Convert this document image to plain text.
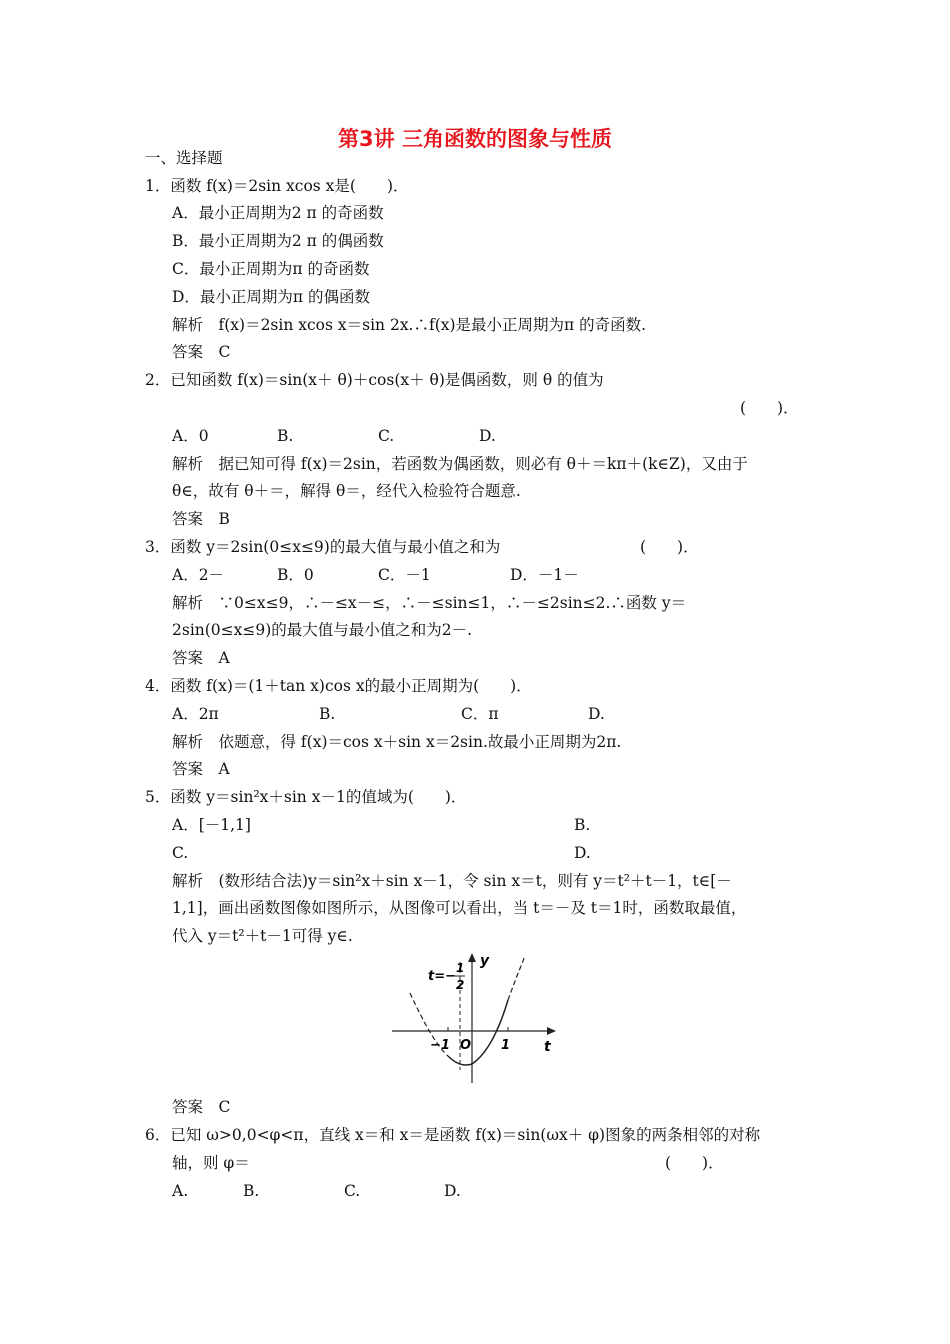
第3讲 三角函数的图象与性质
一、选择题
1．函数 f(x)＝2sin xcos x是(　　)．
A．最小正周期为2 π 的奇函数
B．最小正周期为2 π 的偶函数
C．最小正周期为π 的奇函数
D．最小正周期为π 的偶函数
解析　f(x)＝2sin xcos x＝sin 2x.∴f(x)是最小正周期为π 的奇函数.
答案　C
2．已知函数 f(x)＝sin(x＋ θ)＋cos(x＋ θ)是偶函数，则 θ 的值为
(　　)．
A．0	B.	C.	D.
解析　据已知可得 f(x)＝2sin，若函数为偶函数，则必有 θ＋＝kπ＋(k∈Z)，又由于
θ∈，故有 θ＋＝，解得 θ＝，经代入检验符合题意.
答案　B
3．函数 y＝2sin(0≤x≤9)的最大值与最小值之和为	(　　)．
A．2－	B．0	C．－1	D．－1－
解析　∵0≤x≤9，∴－≤x－≤，∴－≤sin≤1，∴－≤2sin≤2.∴函数 y＝
2sin(0≤x≤9)的最大值与最小值之和为2－.
答案　A
4．函数 f(x)＝(1＋tan x)cos x的最小正周期为(　　)．
A．2π	B.	C．π	D.
解析　依题意，得 f(x)＝cos x＋sin x＝2sin.故最小正周期为2π.
答案　A
5．函数 y＝sin²x＋sin x－1的值域为(　　)．
A．[－1,1]	B.
C.	D.
解析　(数形结合法)y＝sin²x＋sin x－1，令 sin x＝t，则有 y＝t²＋t－1，t∈[－
1,1]，画出函数图像如图所示，从图像可以看出，当 t＝－及 t＝1时，函数取最值，
代入 y＝t²＋t－1可得 y∈.
t=−
1
2
y
−1 O 1 t
答案　C
6．已知 ω>0,0<φ<π，直线 x＝和 x＝是函数 f(x)＝sin(ωx＋ φ)图象的两条相邻的对称
轴，则 φ＝	(　　)．
A.	B.	C.	D.
